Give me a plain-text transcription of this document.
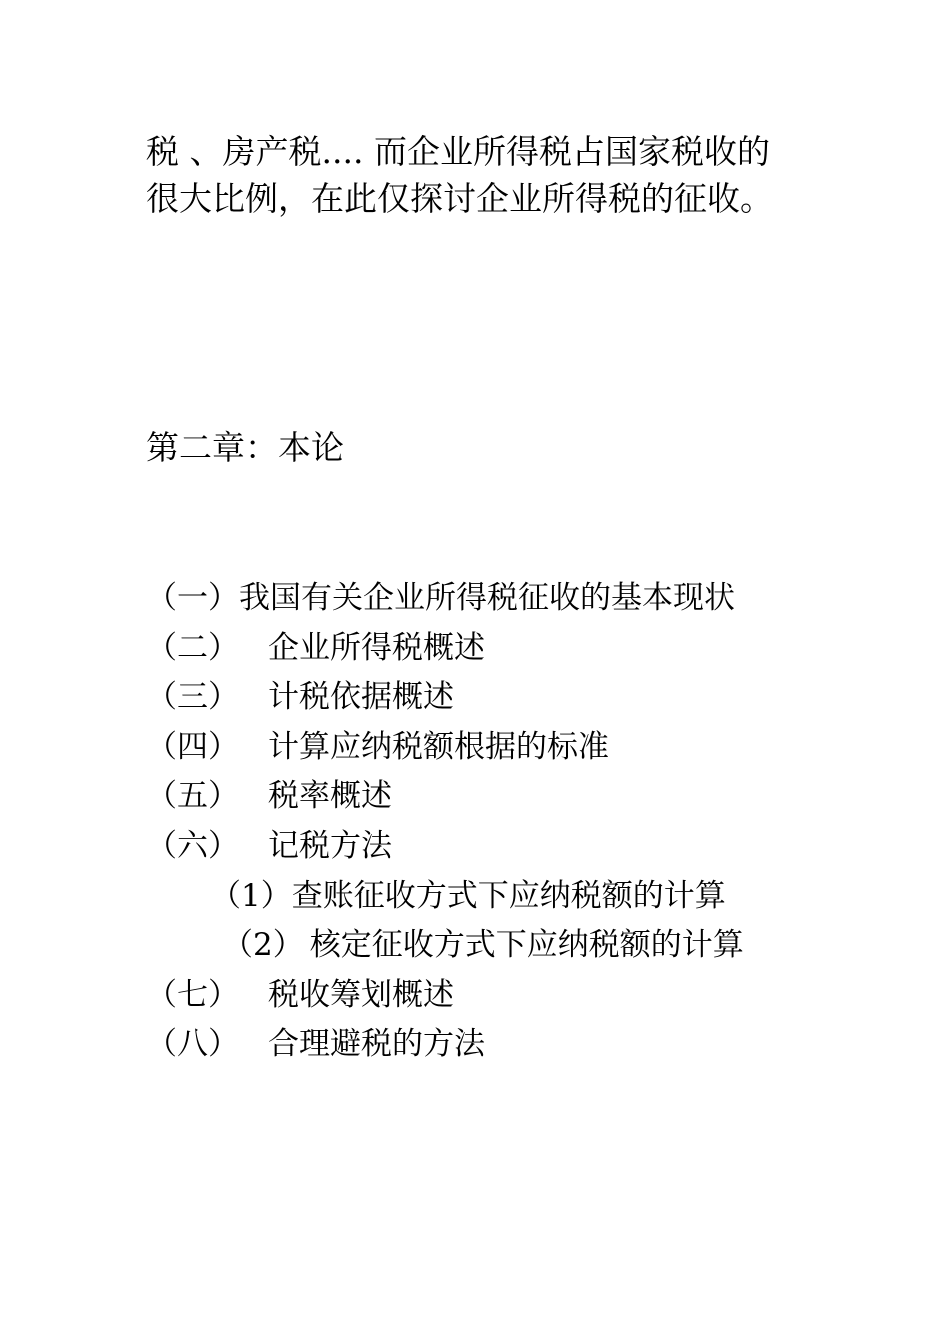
税 、房产税.... 而企业所得税占国家税收的
很大比例，在此仅探讨企业所得税的征收。

第二章：本论
（一） 我国有关企业所得税征收的基本现状
（二） 企业所得税概述
（三） 计税依据概述
（四） 计算应纳税额根据的标准
（五） 税率概述
（六） 记税方法
（1） 查账征收方式下应纳税额的计算
（2） 核定征收方式下应纳税额的计算
（七） 税收筹划概述
（八） 合理避税的方法
